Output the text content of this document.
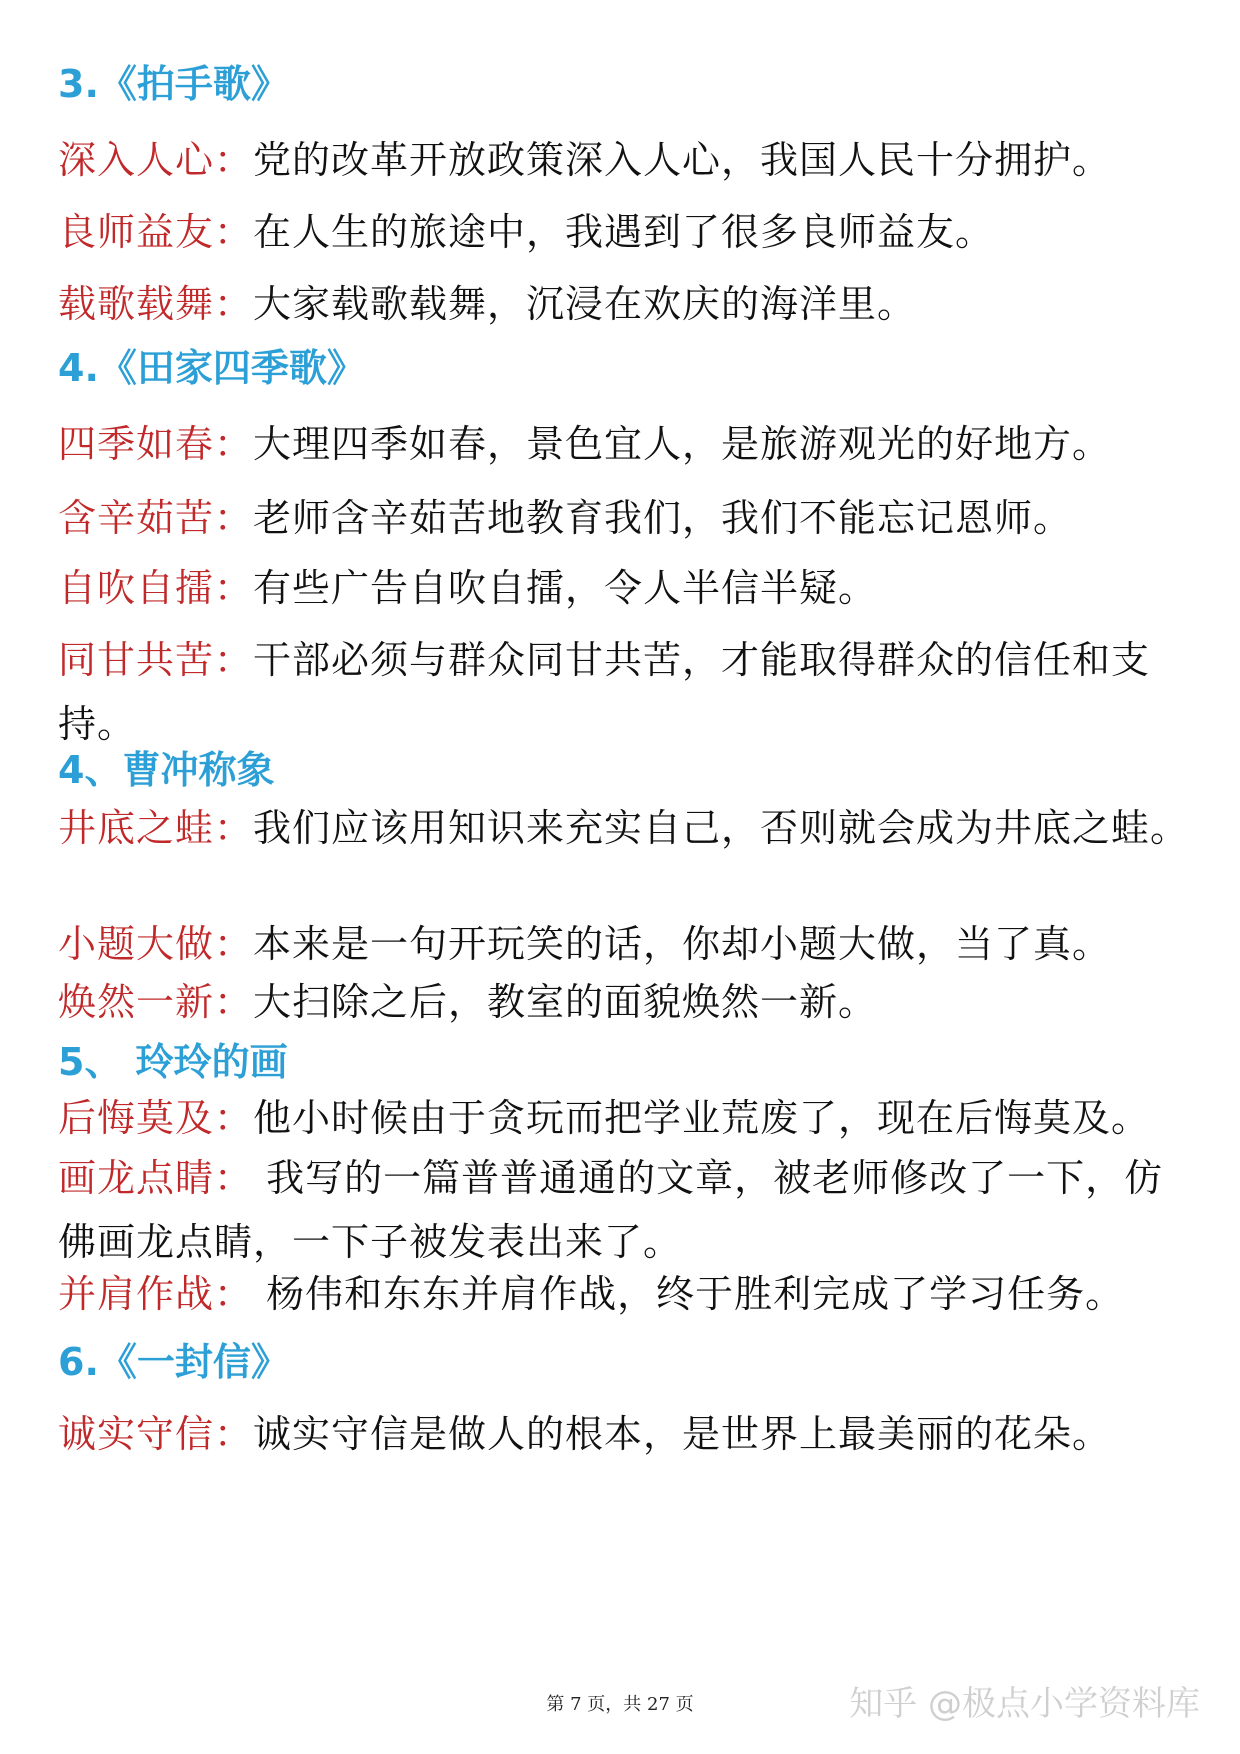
3.《拍手歌》
深入人心：党的改革开放政策深入人心，我国人民十分拥护。
良师益友：在人生的旅途中，我遇到了很多良师益友。
载歌载舞：大家载歌载舞，沉浸在欢庆的海洋里。
4.《田家四季歌》
四季如春：大理四季如春，景色宜人，是旅游观光的好地方。
含辛茹苦：老师含辛茹苦地教育我们，我们不能忘记恩师。
自吹自擂：有些广告自吹自擂，令人半信半疑。
同甘共苦：干部必须与群众同甘共苦，才能取得群众的信任和支持。
4、曹冲称象
井底之蛙：我们应该用知识来充实自己，否则就会成为井底之蛙。
小题大做：本来是一句开玩笑的话，你却小题大做，当了真。
焕然一新：大扫除之后，教室的面貌焕然一新。
5、 玲玲的画
后悔莫及：他小时候由于贪玩而把学业荒废了，现在后悔莫及。
画龙点睛： 我写的一篇普普通通的文章，被老师修改了一下，仿佛画龙点睛，一下子被发表出来了。
并肩作战： 杨伟和东东并肩作战，终于胜利完成了学习任务。
6.《一封信》
诚实守信：诚实守信是做人的根本，是世界上最美丽的花朵。
第 7 页，共 27 页	知乎 @极点小学资料库
